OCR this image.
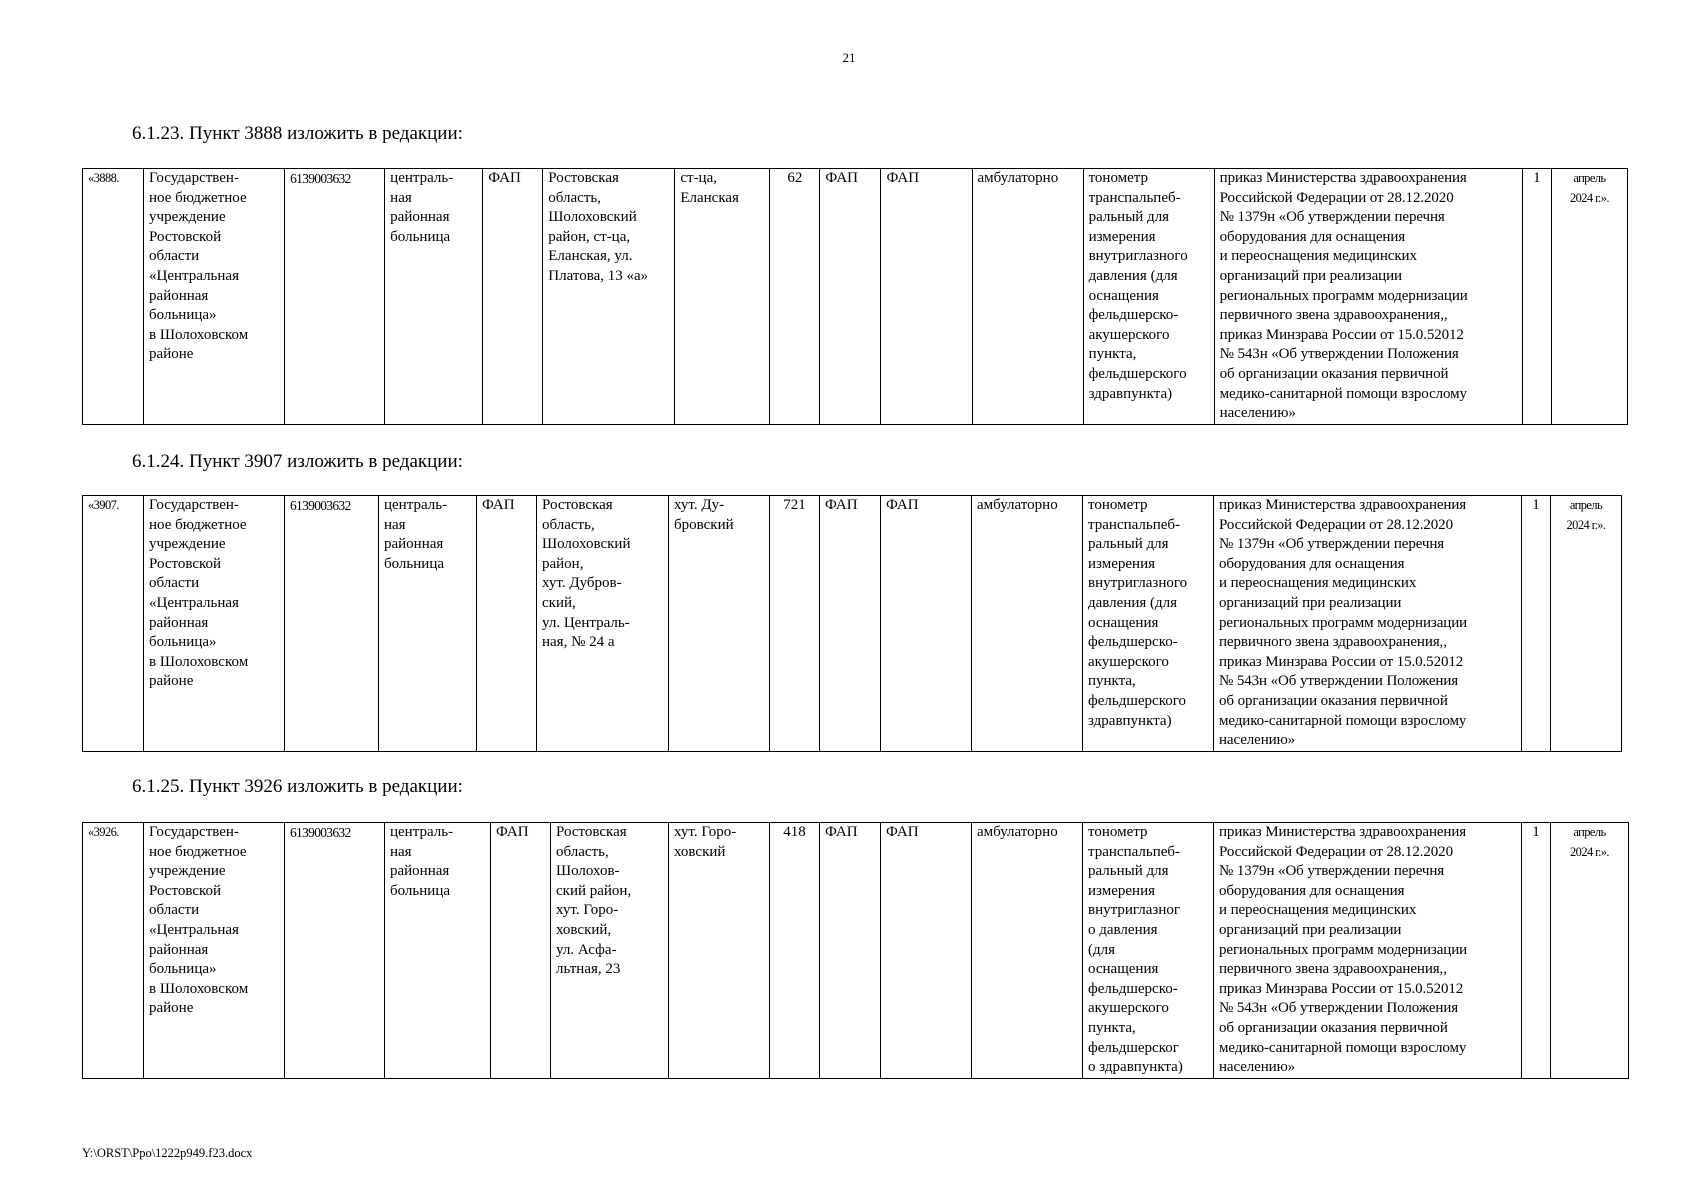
21
6.1.23. Пункт 3888 изложить в редакции:
«3888.	Государствен-
ное бюджетное
учреждение
Ростовской
области
«Центральная
районная
больница»
в Шолоховском
районе	6139003632	централь-
ная
районная
больница	ФАП	Ростовская
область,
Шолоховский
район, ст-ца,
Еланская, ул.
Платова, 13 «а»	ст-ца,
Еланская	62	ФАП	ФАП	амбулаторно	тонометр
транспальпеб-
ральный для
измерения
внутриглазного
давления (для
оснащения
фельдшерско-
акушерского
пункта,
фельдшерского
здравпункта)	приказ Министерства здравоохранения
Российской Федерации от 28.12.2020
№ 1379н «Об утверждении перечня
оборудования для оснащения
и переоснащения медицинских
организаций при реализации
региональных программ модернизации
первичного звена здравоохранения,,
приказ Минзрава России от 15.0.52012
№ 543н «Об утверждении Положения
об организации оказания первичной
медико-санитарной помощи взрослому
населению»	1	апрель
2024 г.».
6.1.24. Пункт 3907 изложить в редакции:
«3907.	Государствен-
ное бюджетное
учреждение
Ростовской
области
«Центральная
районная
больница»
в Шолоховском
районе	6139003632	централь-
ная
районная
больница	ФАП	Ростовская
область,
Шолоховский
район,
хут. Дубров-
ский,
ул. Централь-
ная, № 24 а	хут. Ду-
бровский	721	ФАП	ФАП	амбулаторно	тонометр
транспальпеб-
ральный для
измерения
внутриглазного
давления (для
оснащения
фельдшерско-
акушерского
пункта,
фельдшерского
здравпункта)	приказ Министерства здравоохранения
Российской Федерации от 28.12.2020
№ 1379н «Об утверждении перечня
оборудования для оснащения
и переоснащения медицинских
организаций при реализации
региональных программ модернизации
первичного звена здравоохранения,,
приказ Минзрава России от 15.0.52012
№ 543н «Об утверждении Положения
об организации оказания первичной
медико-санитарной помощи взрослому
населению»	1	апрель
2024 г.».
6.1.25. Пункт 3926 изложить в редакции:
«3926.	Государствен-
ное бюджетное
учреждение
Ростовской
области
«Центральная
районная
больница»
в Шолоховском
районе	6139003632	централь-
ная
районная
больница	ФАП	Ростовская
область,
Шолохов-
ский район,
хут. Горо-
ховский,
ул. Асфа-
льтная, 23	хут. Горо-
ховский	418	ФАП	ФАП	амбулаторно	тонометр
транспальпеб-
ральный для
измерения
внутриглазног
о давления
(для
оснащения
фельдшерско-
акушерского
пункта,
фельдшерског
о здравпункта)	приказ Министерства здравоохранения
Российской Федерации от 28.12.2020
№ 1379н «Об утверждении перечня
оборудования для оснащения
и переоснащения медицинских
организаций при реализации
региональных программ модернизации
первичного звена здравоохранения,,
приказ Минзрава России от 15.0.52012
№ 543н «Об утверждении Положения
об организации оказания первичной
медико-санитарной помощи взрослому
населению»	1	апрель
2024 г.».
Y:\ORST\Ppo\1222p949.f23.docx
